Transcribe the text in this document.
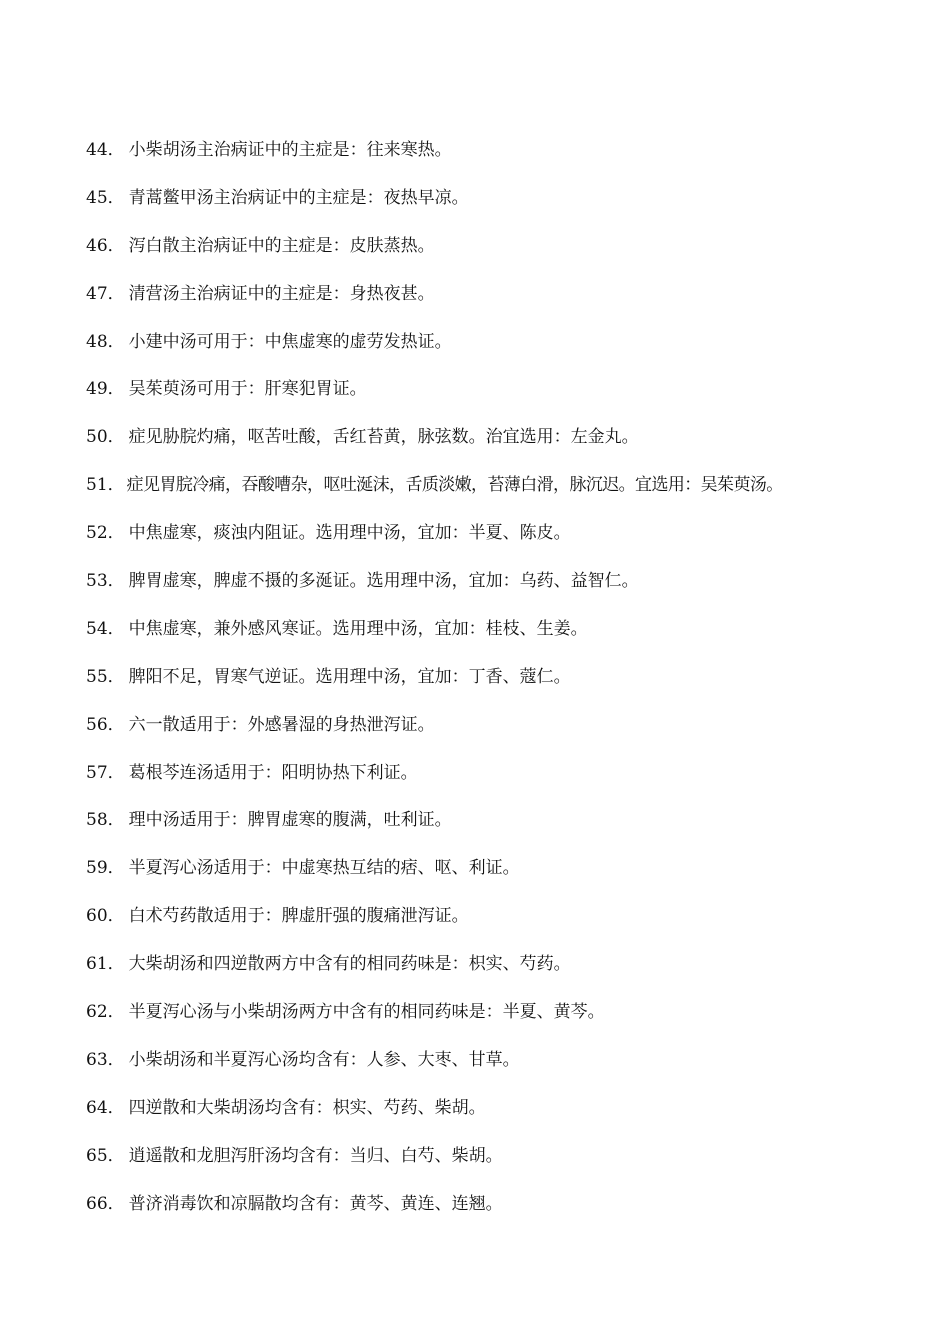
44． 小柴胡汤主治病证中的主症是：往来寒热。
45． 青蒿鳖甲汤主治病证中的主症是：夜热早凉。
46． 泻白散主治病证中的主症是：皮肤蒸热。
47． 清营汤主治病证中的主症是：身热夜甚。
48． 小建中汤可用于：中焦虚寒的虚劳发热证。
49． 吴茱萸汤可用于：肝寒犯胃证。
50． 症见胁脘灼痛，呕苦吐酸，舌红苔黄，脉弦数。治宜选用：左金丸。
51． 症见胃脘冷痛，吞酸嘈杂，呕吐涎沫，舌质淡嫩，苔薄白滑，脉沉迟。宜选用：吴茱萸汤。
52． 中焦虚寒，痰浊内阻证。选用理中汤，宜加：半夏、陈皮。
53． 脾胃虚寒，脾虚不摄的多涎证。选用理中汤，宜加：乌药、益智仁。
54． 中焦虚寒，兼外感风寒证。选用理中汤，宜加：桂枝、生姜。
55． 脾阳不足，胃寒气逆证。选用理中汤，宜加：丁香、蔻仁。
56． 六一散适用于：外感暑湿的身热泄泻证。
57． 葛根芩连汤适用于：阳明协热下利证。
58． 理中汤适用于：脾胃虚寒的腹满，吐利证。
59． 半夏泻心汤适用于：中虚寒热互结的痞、呕、利证。
60． 白术芍药散适用于：脾虚肝强的腹痛泄泻证。
61． 大柴胡汤和四逆散两方中含有的相同药味是：枳实、芍药。
62． 半夏泻心汤与小柴胡汤两方中含有的相同药味是：半夏、黄芩。
63． 小柴胡汤和半夏泻心汤均含有：人参、大枣、甘草。
64． 四逆散和大柴胡汤均含有：枳实、芍药、柴胡。
65． 逍遥散和龙胆泻肝汤均含有：当归、白芍、柴胡。
66． 普济消毒饮和凉膈散均含有：黄芩、黄连、连翘。
